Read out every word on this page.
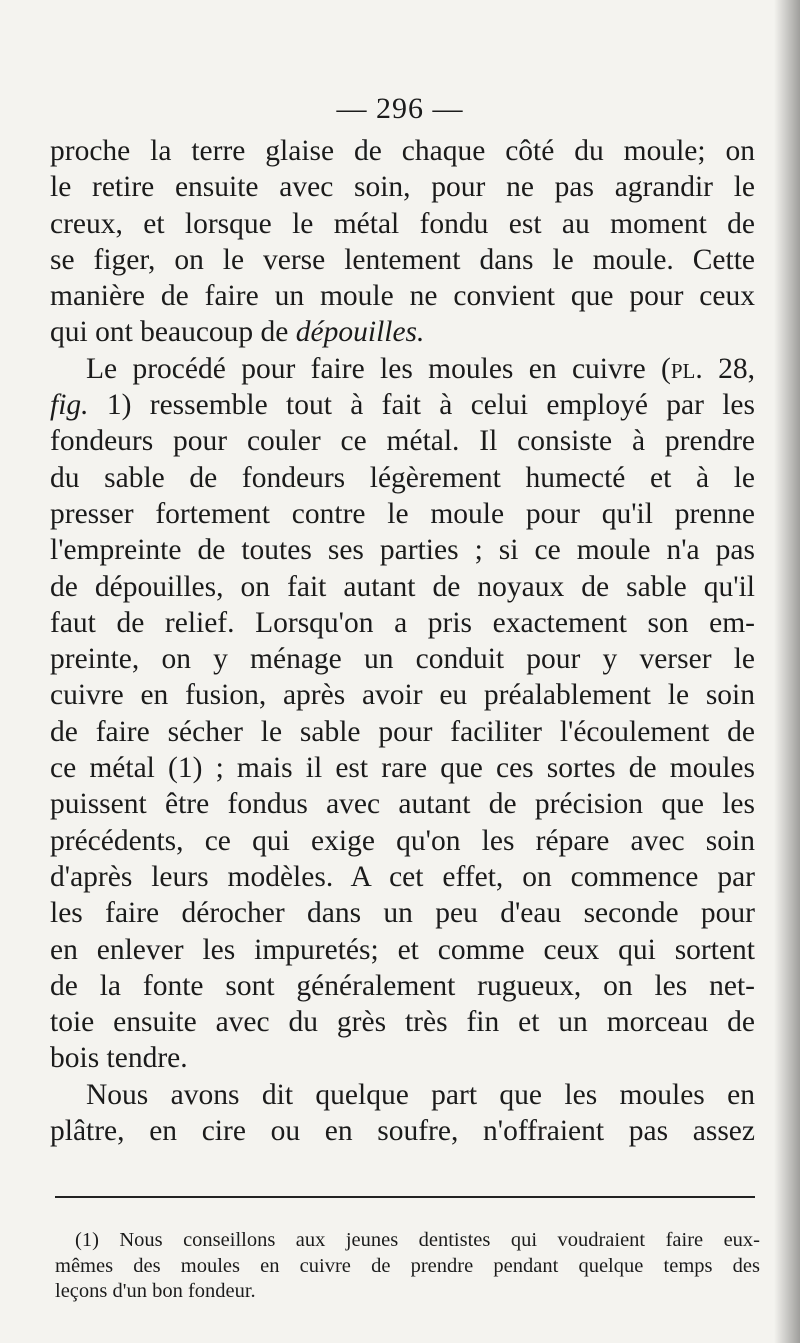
— 296 —
proche la terre glaise de chaque côté du moule; on
le retire ensuite avec soin, pour ne pas agrandir le
creux, et lorsque le métal fondu est au moment de
se figer, on le verse lentement dans le moule. Cette
manière de faire un moule ne convient que pour ceux
qui ont beaucoup de dépouilles.
Le procédé pour faire les moules en cuivre (pl. 28,
fig. 1) ressemble tout à fait à celui employé par les
fondeurs pour couler ce métal. Il consiste à prendre
du sable de fondeurs légèrement humecté et à le
presser fortement contre le moule pour qu'il prenne
l'empreinte de toutes ses parties ; si ce moule n'a pas
de dépouilles, on fait autant de noyaux de sable qu'il
faut de relief. Lorsqu'on a pris exactement son em-
preinte, on y ménage un conduit pour y verser le
cuivre en fusion, après avoir eu préalablement le soin
de faire sécher le sable pour faciliter l'écoulement de
ce métal (1) ; mais il est rare que ces sortes de moules
puissent être fondus avec autant de précision que les
précédents, ce qui exige qu'on les répare avec soin
d'après leurs modèles. A cet effet, on commence par
les faire dérocher dans un peu d'eau seconde pour
en enlever les impuretés; et comme ceux qui sortent
de la fonte sont généralement rugueux, on les net-
toie ensuite avec du grès très fin et un morceau de
bois tendre.
Nous avons dit quelque part que les moules en
plâtre, en cire ou en soufre, n'offraient pas assez
(1) Nous conseillons aux jeunes dentistes qui voudraient faire eux-
mêmes des moules en cuivre de prendre pendant quelque temps des
leçons d'un bon fondeur.
